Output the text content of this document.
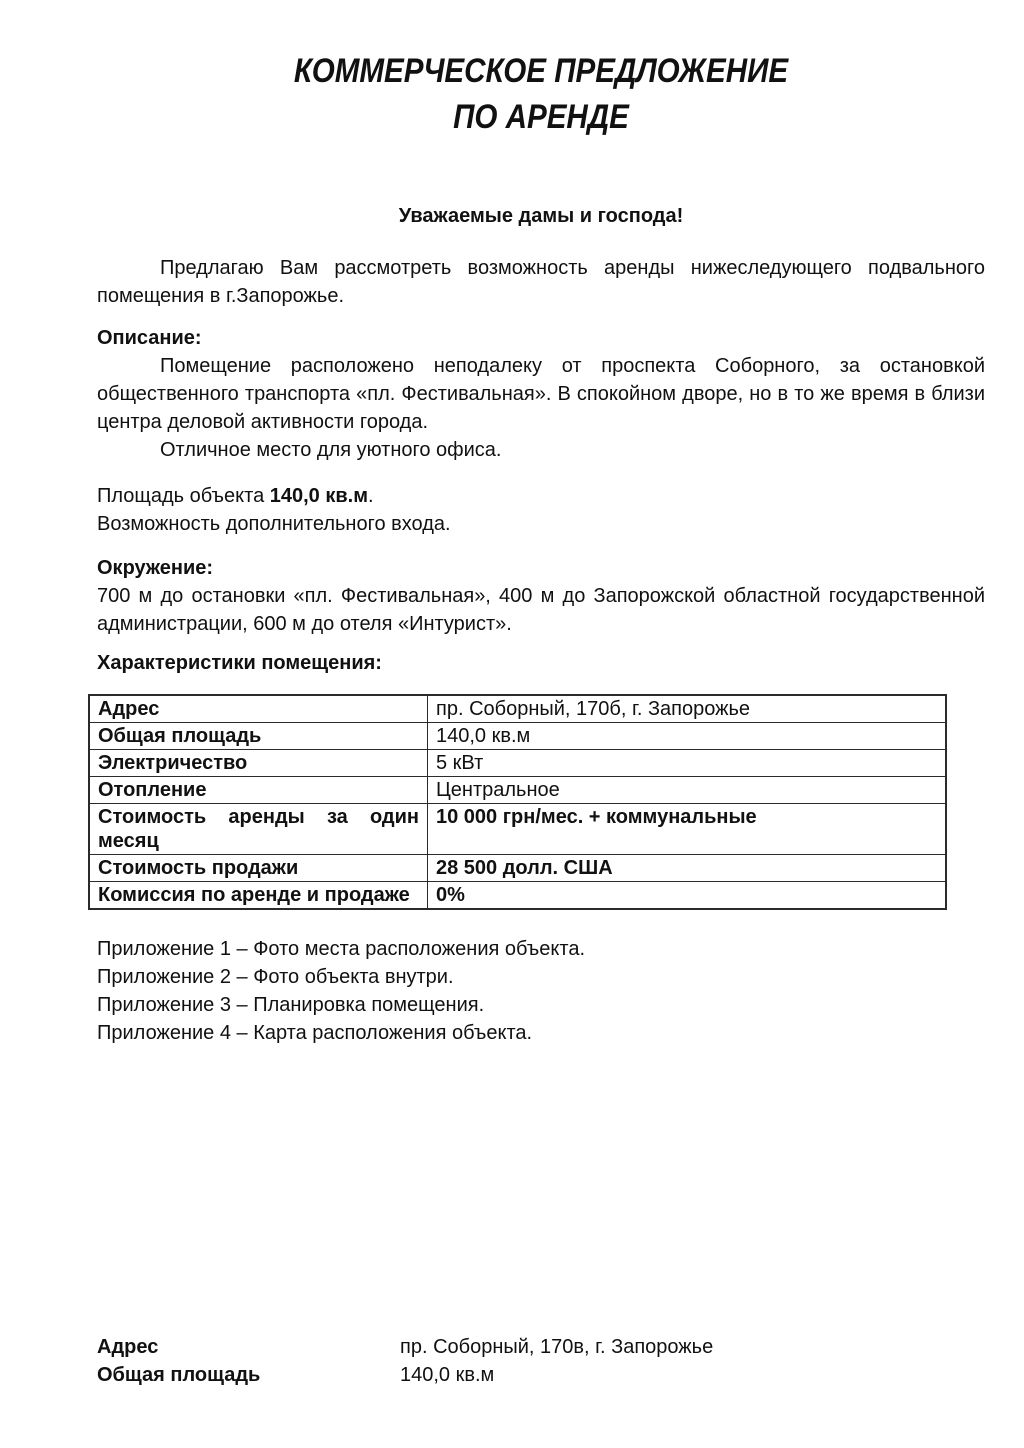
КОММЕРЧЕСКОЕ ПРЕДЛОЖЕНИЕ
ПО АРЕНДЕ

Уважаемые дамы и господа!

Предлагаю Вам рассмотреть возможность аренды нижеследующего подвального помещения в г.Запорожье.

Описание:

Помещение расположено неподалеку от проспекта Соборного, за остановкой общественного транспорта «пл. Фестивальная». В спокойном дворе, но в то же время в близи центра деловой активности города.

Отличное место для уютного офиса.

Площадь объекта 140,0 кв.м.

Возможность дополнительного входа.

Окружение:

700 м до остановки «пл. Фестивальная», 400 м до Запорожской областной государственной администрации, 600 м до отеля «Интурист».

Характеристики помещения:

Адрес	пр. Соборный, 170б, г. Запорожье
Общая площадь	140,0 кв.м
Электричество	5 кВт
Отопление	Центральное
Стоимость аренды за один месяц	10 000 грн/мес. + коммунальные
Стоимость продажи	28 500 долл. США
Комиссия по аренде и продаже	0%

Приложение 1 – Фото места расположения объекта.

Приложение 2 – Фото объекта внутри.

Приложение 3 – Планировка помещения.

Приложение 4 – Карта расположения объекта.

Адрес	пр. Соборный, 170в, г. Запорожье
Общая площадь	140,0 кв.м
